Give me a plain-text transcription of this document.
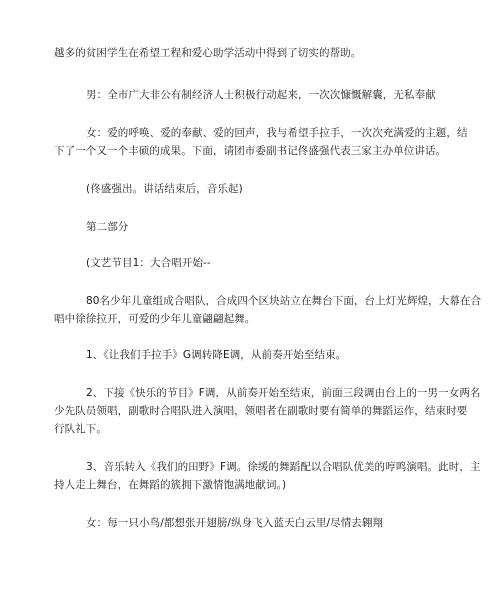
越多的贫困学生在希望工程和爱心助学活动中得到了切实的帮助。
男：全市广大非公有制经济人士积极行动起来，一次次慷慨解囊，无私奉献
女：爱的呼唤、爱的奉献、爱的回声，我与希望手拉手，一次次充满爱的主题，结
下了一个又一个丰硕的成果。下面，请团市委副书记佟盛强代表三家主办单位讲话。
(佟盛强出。讲话结束后，音乐起)
第二部分
(文艺节目1：大合唱开始--
80名少年儿童组成合唱队，合成四个区块站立在舞台下面，台上灯光辉煌，大幕在合
唱中徐徐拉开，可爱的少年儿童翩翩起舞。
1、《让我们手拉手》G调转降E调，从前奏开始至结束。
2、下接《快乐的节目》F调，从前奏开始至结束，前面三段调由台上的一男一女两名
少先队员领唱，副歌时合唱队进入演唱，领唱者在副歌时要有简单的舞蹈运作，结束时要
行队礼下。
3、音乐转入《我们的田野》F调。徐缓的舞蹈配以合唱队优美的哼鸣演唱。此时，主
持人走上舞台，在舞蹈的簇拥下激情饱满地献词。)
女：每一只小鸟/都想张开翅膀/纵身飞入蓝天白云里/尽情去翱翔
